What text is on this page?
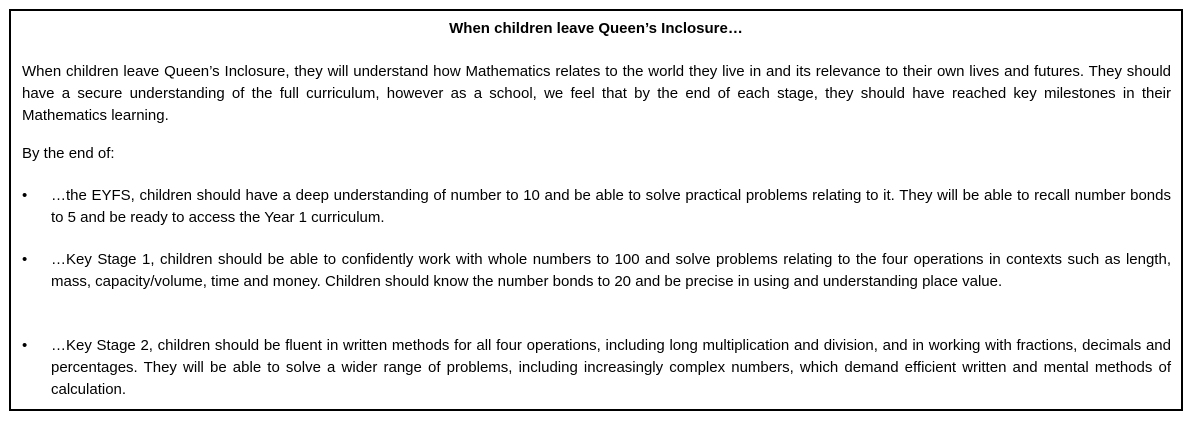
When children leave Queen’s Inclosure…

When children leave Queen’s Inclosure, they will understand how Mathematics relates to the world they live in and its relevance to their own lives and futures. They should have a secure understanding of the full curriculum, however as a school, we feel that by the end of each stage, they should have reached key milestones in their Mathematics learning.

By the end of:

•	…the EYFS, children should have a deep understanding of number to 10 and be able to solve practical problems relating to it. They will be able to recall number bonds to 5 and be ready to access the Year 1 curriculum.

•	…Key Stage 1, children should be able to confidently work with whole numbers to 100 and solve problems relating to the four operations in contexts such as length, mass, capacity/volume, time and money. Children should know the number bonds to 20 and be precise in using and understanding place value.

•	…Key Stage 2, children should be fluent in written methods for all four operations, including long multiplication and division, and in working with fractions, decimals and percentages. They will be able to solve a wider range of problems, including increasingly complex numbers, which demand efficient written and mental methods of calculation.
